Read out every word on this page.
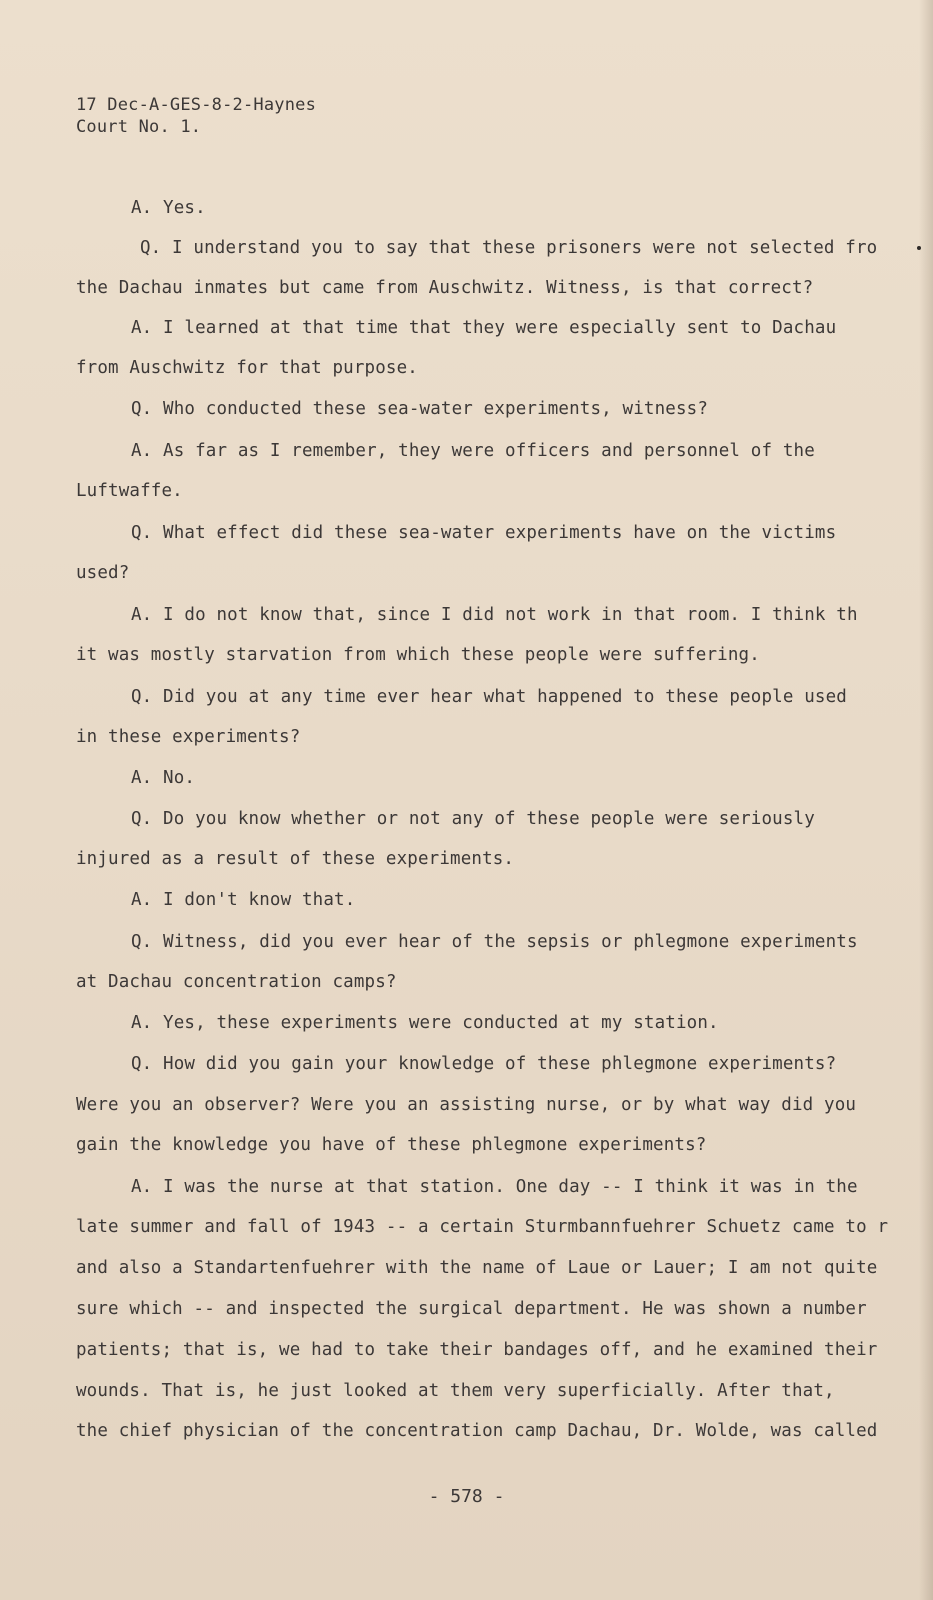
17 Dec-A-GES-8-2-Haynes
Court No. 1.
A. Yes.
Q. I understand you to say that these prisoners were not selected fro
the Dachau inmates but came from Auschwitz. Witness, is that correct?
A. I learned at that time that they were especially sent to Dachau
from Auschwitz for that purpose.
Q. Who conducted these sea-water experiments, witness?
A. As far as I remember, they were officers and personnel of the
Luftwaffe.
Q. What effect did these sea-water experiments have on the victims
used?
A. I do not know that, since I did not work in that room. I think th
it was mostly starvation from which these people were suffering.
Q. Did you at any time ever hear what happened to these people used
in these experiments?
A. No.
Q. Do you know whether or not any of these people were seriously
injured as a result of these experiments.
A. I don't know that.
Q. Witness, did you ever hear of the sepsis or phlegmone experiments
at Dachau concentration camps?
A. Yes, these experiments were conducted at my station.
Q. How did you gain your knowledge of these phlegmone experiments?
Were you an observer? Were you an assisting nurse, or by what way did you
gain the knowledge you have of these phlegmone experiments?
A. I was the nurse at that station. One day -- I think it was in the
late summer and fall of 1943 -- a certain Sturmbannfuehrer Schuetz came to r
and also a Standartenfuehrer with the name of Laue or Lauer; I am not quite
sure which -- and inspected the surgical department. He was shown a number
patients; that is, we had to take their bandages off, and he examined their
wounds. That is, he just looked at them very superficially. After that,
the chief physician of the concentration camp Dachau, Dr. Wolde, was called
- 578 -
